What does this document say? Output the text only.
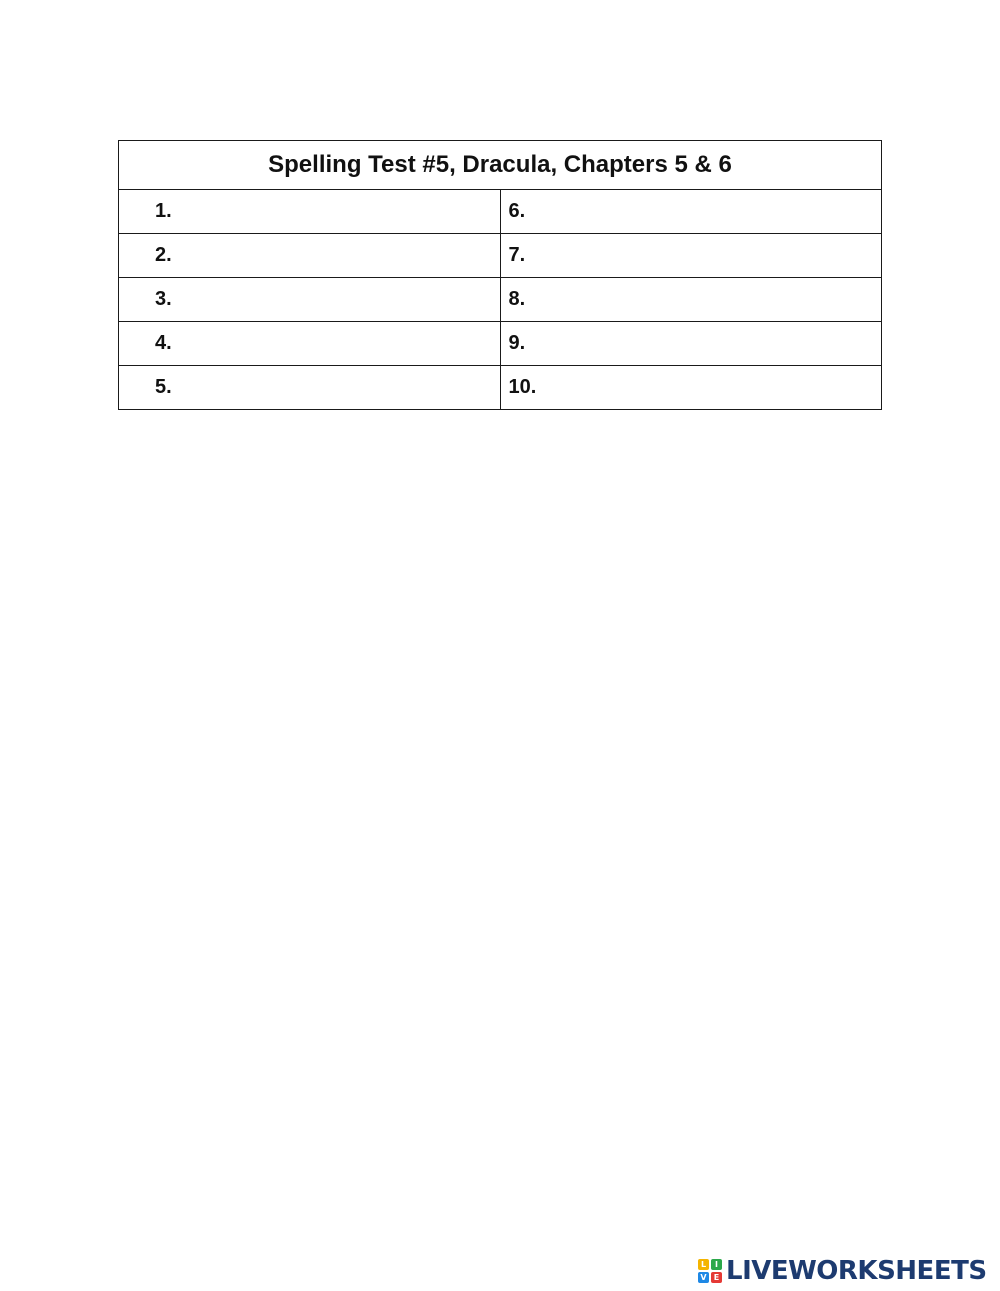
Spelling Test #5, Dracula, Chapters 5 & 6	
1.	6.
2.	7.
3.	8.
4.	9.
5.	10.
L	I
V E LIVEWORKSHEETS
